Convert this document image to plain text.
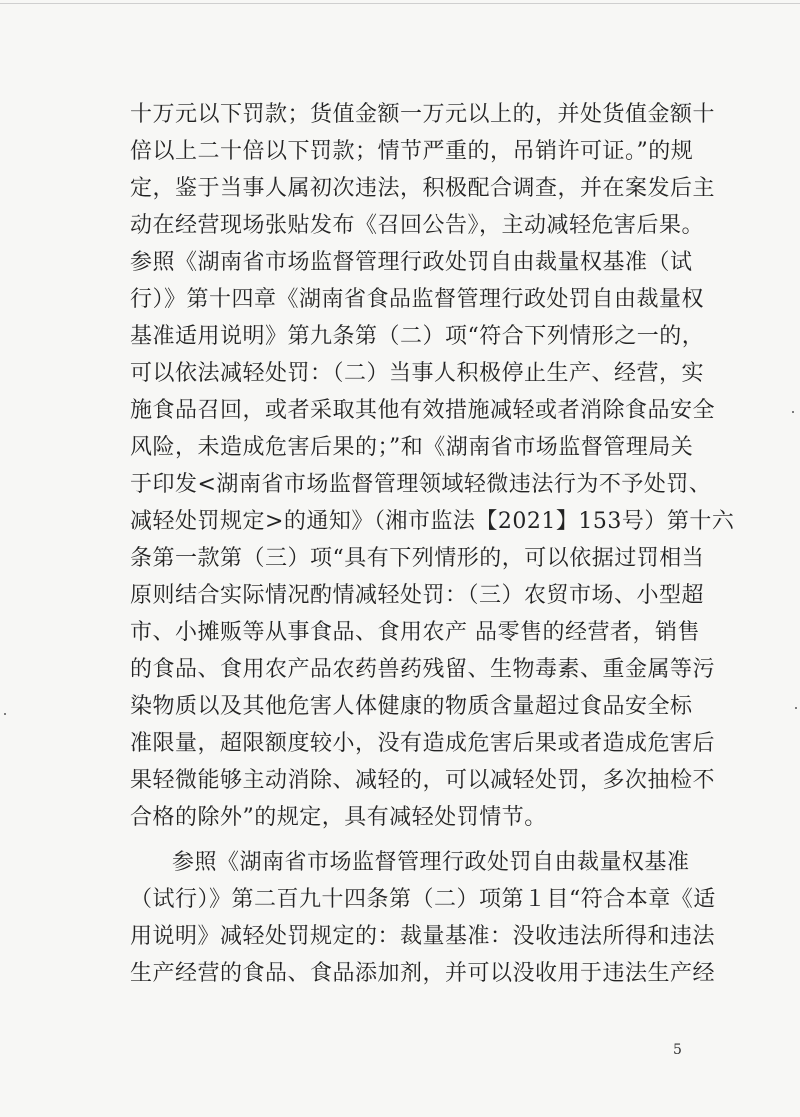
十万元以下罚款；货值金额一万元以上的，并处货值金额十
倍以上二十倍以下罚款；情节严重的，吊销许可证。”的规
定，鉴于当事人属初次违法，积极配合调查，并在案发后主
动在经营现场张贴发布《召回公告》，主动减轻危害后果。
参照《湖南省市场监督管理行政处罚自由裁量权基准（试
行）》第十四章《湖南省食品监督管理行政处罚自由裁量权
基准适用说明》第九条第（二）项“符合下列情形之一的，
可以依法减轻处罚：（二）当事人积极停止生产、经营，实
施食品召回，或者采取其他有效措施减轻或者消除食品安全
风险，未造成危害后果的；”和《湖南省市场监督管理局关
于印发<湖南省市场监督管理领域轻微违法行为不予处罚、
减轻处罚规定>的通知》（湘市监法【2021】153号）第十六
条第一款第（三）项“具有下列情形的，可以依据过罚相当
原则结合实际情况酌情减轻处罚：（三）农贸市场、小型超
市、小摊贩等从事食品、食用农产 品零售的经营者，销售
的食品、食用农产品农药兽药残留、生物毒素、重金属等污
染物质以及其他危害人体健康的物质含量超过食品安全标
准限量，超限额度较小，没有造成危害后果或者造成危害后
果轻微能够主动消除、减轻的，可以减轻处罚，多次抽检不
合格的除外”的规定，具有减轻处罚情节。
参照《湖南省市场监督管理行政处罚自由裁量权基准
（试行）》第二百九十四条第（二）项第１目“符合本章《适
用说明》减轻处罚规定的：裁量基准：没收违法所得和违法
生产经营的食品、食品添加剂，并可以没收用于违法生产经
5
